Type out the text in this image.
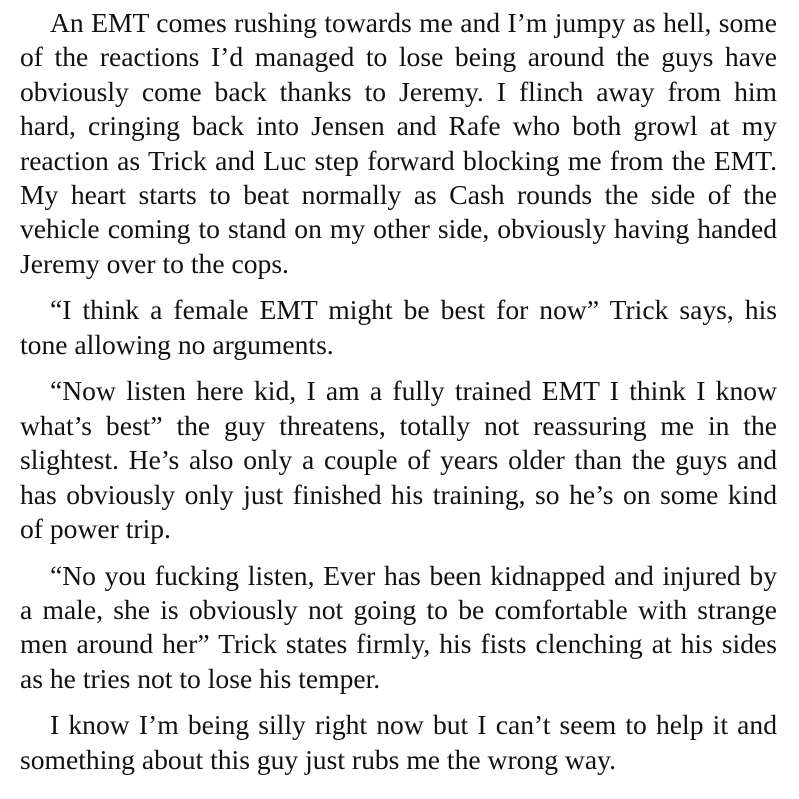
An EMT comes rushing towards me and I’m jumpy as hell, some of the reactions I’d managed to lose being around the guys have obviously come back thanks to Jeremy. I flinch away from him hard, cringing back into Jensen and Rafe who both growl at my reaction as Trick and Luc step forward blocking me from the EMT. My heart starts to beat normally as Cash rounds the side of the vehicle coming to stand on my other side, obviously having handed Jeremy over to the cops.

“I think a female EMT might be best for now” Trick says, his tone allowing no arguments.

“Now listen here kid, I am a fully trained EMT I think I know what’s best” the guy threatens, totally not reassuring me in the slightest. He’s also only a couple of years older than the guys and has obviously only just finished his training, so he’s on some kind of power trip.

“No you fucking listen, Ever has been kidnapped and injured by a male, she is obviously not going to be comfortable with strange men around her” Trick states firmly, his fists clenching at his sides as he tries not to lose his temper.

I know I’m being silly right now but I can’t seem to help it and something about this guy just rubs me the wrong way.
